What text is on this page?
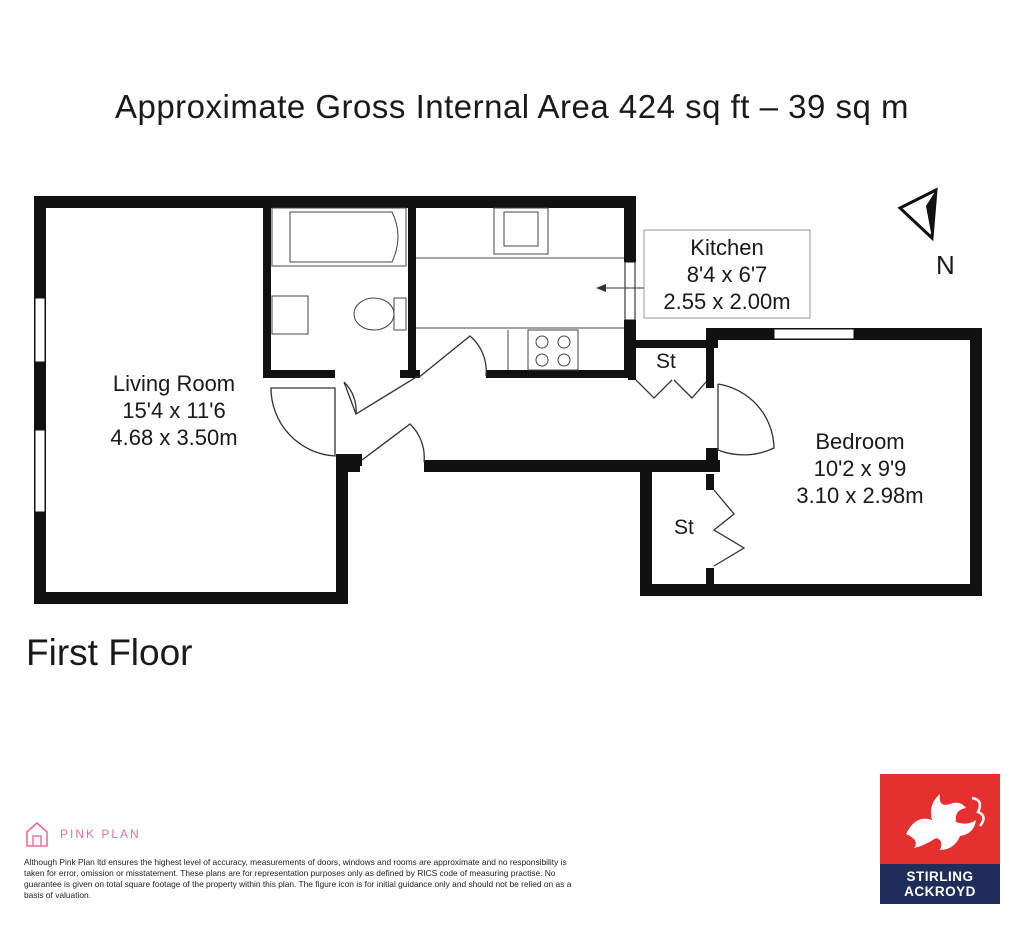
Approximate Gross Internal Area 424 sq ft – 39 sq m
N
Living Room
15'4 x 11'6
4.68 x 3.50m
Kitchen
8'4 x 6'7
2.55 x 2.00m
Bedroom
10'2 x 9'9
3.10 x 2.98m
St
St
First Floor
PINK PLAN
Although Pink Plan ltd ensures the highest level of accuracy, measurements of doors, windows and rooms are approximate and no responsibility is taken for error, omission or misstatement. These plans are for representation purposes only as defined by RICS code of measuring practise. No guarantee is given on total square footage of the property within this plan. The figure icon is for initial guidance only and should not be relied on as a basis of valuation.
STIRLING
ACKROYD
